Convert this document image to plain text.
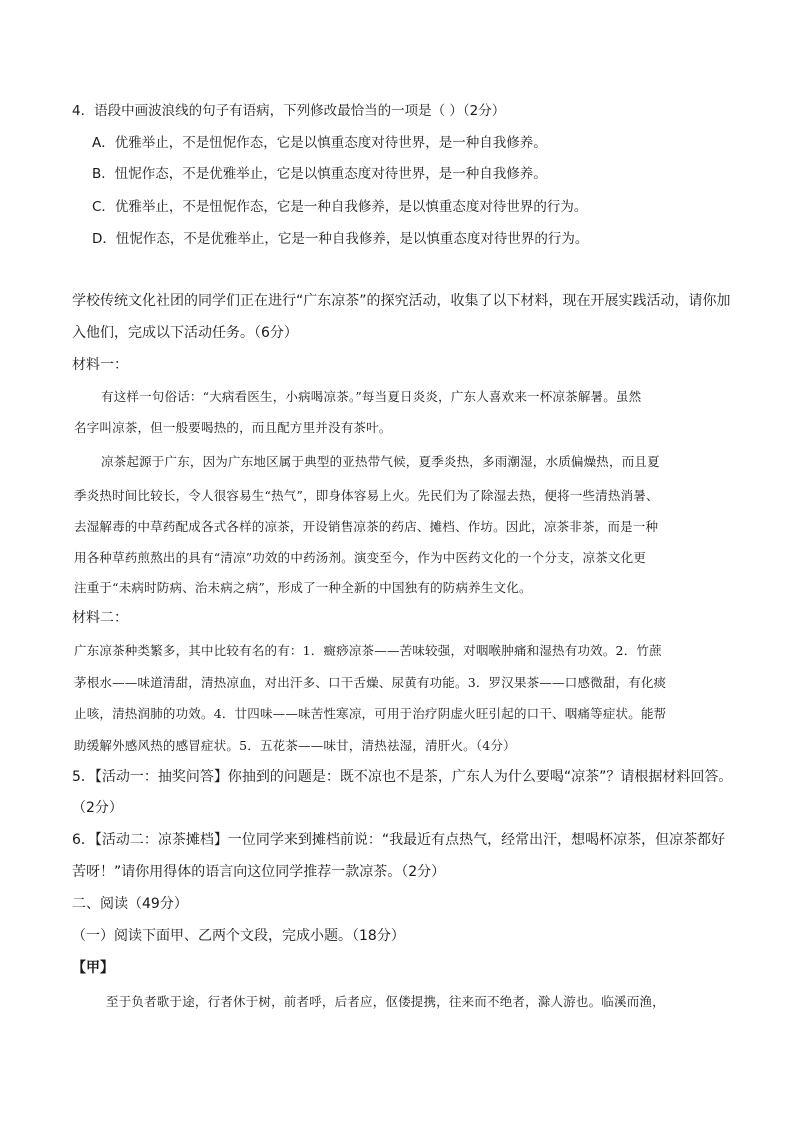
4．语段中画波浪线的句子有语病，下列修改最恰当的一项是（ ）（2分）
A．优雅举止，不是忸怩作态，它是以慎重态度对待世界，是一种自我修养。
B．忸怩作态，不是优雅举止，它是以慎重态度对待世界，是一种自我修养。
C．优雅举止，不是忸怩作态，它是一种自我修养，是以慎重态度对待世界的行为。
D．忸怩作态，不是优雅举止，它是一种自我修养，是以慎重态度对待世界的行为。
学校传统文化社团的同学们正在进行“广东凉茶”的探究活动，收集了以下材料，现在开展实践活动，请你加
入他们，完成以下活动任务。（6分）
材料一：
有这样一句俗话：“大病看医生，小病喝凉茶。”每当夏日炎炎，广东人喜欢来一杯凉茶解暑。虽然
名字叫凉茶，但一般要喝热的，而且配方里并没有茶叶。
凉茶起源于广东，因为广东地区属于典型的亚热带气候，夏季炎热，多雨潮湿，水质偏燥热，而且夏
季炎热时间比较长，令人很容易生“热气”，即身体容易上火。先民们为了除湿去热，便将一些清热消暑、
去湿解毒的中草药配成各式各样的凉茶，开设销售凉茶的药店、摊档、作坊。因此，凉茶非茶，而是一种
用各种草药煎熬出的具有“清凉”功效的中药汤剂。演变至今，作为中医药文化的一个分支，凉茶文化更
注重于“未病时防病、治未病之病”，形成了一种全新的中国独有的防病养生文化。
材料二：
广东凉茶种类繁多，其中比较有名的有：1．癍痧凉茶——苦味较强，对咽喉肿痛和湿热有功效。2．竹蔗
茅根水——味道清甜，清热凉血，对出汗多、口干舌燥、尿黄有功能。3．罗汉果茶——口感微甜，有化痰
止咳，清热润肺的功效。4．廿四味——味苦性寒凉，可用于治疗阴虚火旺引起的口干、咽痛等症状。能帮
助缓解外感风热的感冒症状。5．五花茶——味甘，清热祛湿，清肝火。（4分）
5．【活动一：抽奖问答】你抽到的问题是：既不凉也不是茶，广东人为什么要喝“凉茶”？请根据材料回答。
（2分）
6．【活动二：凉茶摊档】一位同学来到摊档前说：“我最近有点热气，经常出汗，想喝杯凉茶，但凉茶都好
苦呀！”请你用得体的语言向这位同学推荐一款凉茶。（2分）
二、阅读（49分）
（一）阅读下面甲、乙两个文段，完成小题。（18分）
【甲】
至于负者歌于途，行者休于树，前者呼，后者应，伛偻提携，往来而不绝者，滁人游也。临溪而渔，
